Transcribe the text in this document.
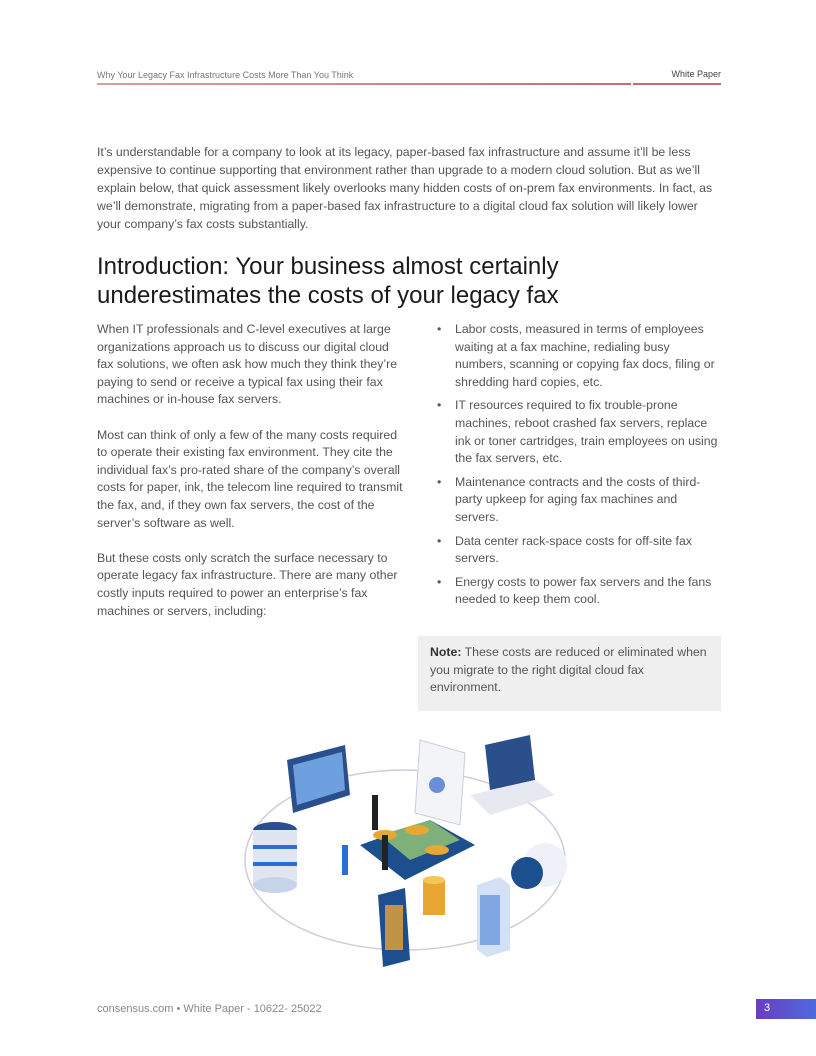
Why Your Legacy Fax Infrastructure Costs More Than You Think	White Paper

It’s understandable for a company to look at its legacy, paper-based fax infrastructure and assume it’ll be less expensive to continue supporting that environment rather than upgrade to a modern cloud solution. But as we’ll explain below, that quick assessment likely overlooks many hidden costs of on-prem fax environments. In fact, as we’ll demonstrate, migrating from a paper-based fax infrastructure to a digital cloud fax solution will likely lower your company’s fax costs substantially.

Introduction: Your business almost certainly underestimates the costs of your legacy fax

When IT professionals and C-level executives at large organizations approach us to discuss our digital cloud fax solutions, we often ask how much they think they’re paying to send or receive a typical fax using their fax machines or in-house fax servers.

Most can think of only a few of the many costs required to operate their existing fax environment. They cite the individual fax’s pro-rated share of the company’s overall costs for paper, ink, the telecom line required to transmit the fax, and, if they own fax servers, the cost of the server’s software as well.

But these costs only scratch the surface necessary to operate legacy fax infrastructure. There are many other costly inputs required to power an enterprise’s fax machines or servers, including:

• Labor costs, measured in terms of employees waiting at a fax machine, redialing busy numbers, scanning or copying fax docs, filing or shredding hard copies, etc.
• IT resources required to fix trouble-prone machines, reboot crashed fax servers, replace ink or toner cartridges, train employees on using the fax servers, etc.
• Maintenance contracts and the costs of third- party upkeep for aging fax machines and servers.
• Data center rack-space costs for off-site fax servers.
• Energy costs to power fax servers and the fans needed to keep them cool.
Note: These costs are reduced or eliminated when you migrate to the right digital cloud fax environment.
consensus.com • White Paper - 10622- 25022	3
